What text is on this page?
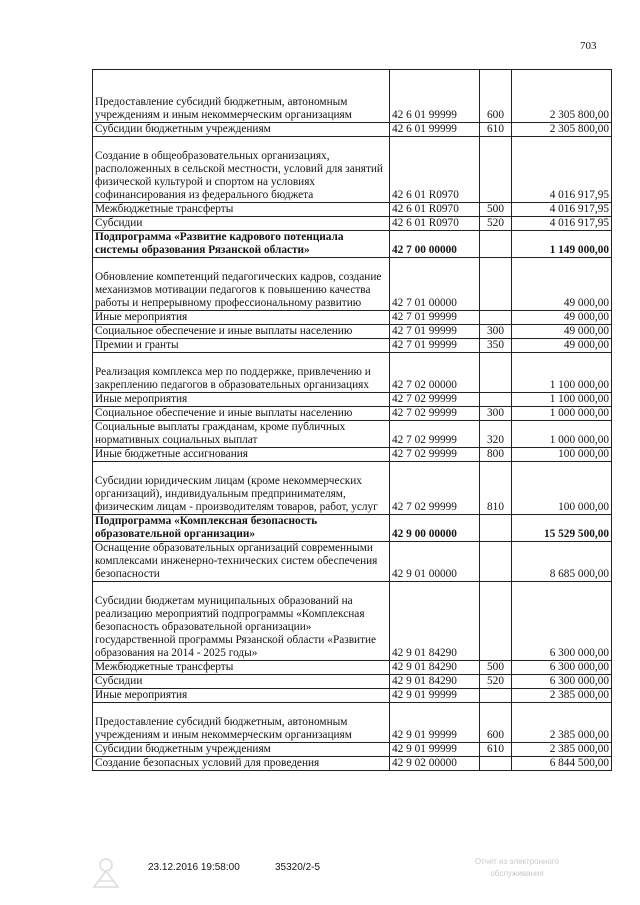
703
Предоставление субсидий бюджетным, автономным учреждениям и иным некоммерческим организациям	42 6 01 99999	600	2 305 800,00
Субсидии бюджетным учреждениям	42 6 01 99999	610	2 305 800,00
Создание в общеобразовательных организациях, расположенных в сельской местности, условий для занятий физической культурой и спортом на условиях софинансирования из федерального бюджета	42 6 01 R0970		4 016 917,95
Межбюджетные трансферты	42 6 01 R0970	500	4 016 917,95
Субсидии	42 6 01 R0970	520	4 016 917,95
Подпрограмма «Развитие кадрового потенциала системы образования Рязанской области»	42 7 00 00000		1 149 000,00
Обновление компетенций педагогических кадров, создание механизмов мотивации педагогов к повышению качества работы и непрерывному профессиональному развитию	42 7 01 00000		49 000,00
Иные мероприятия	42 7 01 99999		49 000,00
Социальное обеспечение и иные выплаты населению	42 7 01 99999	300	49 000,00
Премии и гранты	42 7 01 99999	350	49 000,00
Реализация комплекса мер по поддержке, привлечению и закреплению педагогов в образовательных организациях	42 7 02 00000		1 100 000,00
Иные мероприятия	42 7 02 99999		1 100 000,00
Социальное обеспечение и иные выплаты населению	42 7 02 99999	300	1 000 000,00
Социальные выплаты гражданам, кроме публичных нормативных социальных выплат	42 7 02 99999	320	1 000 000,00
Иные бюджетные ассигнования	42 7 02 99999	800	100 000,00
Субсидии юридическим лицам (кроме некоммерческих организаций), индивидуальным предпринимателям, физическим лицам - производителям товаров, работ, услуг	42 7 02 99999	810	100 000,00
Подпрограмма «Комплексная безопасность образовательной организации»	42 9 00 00000		15 529 500,00
Оснащение образовательных организаций современными комплексами инженерно-технических систем обеспечения безопасности	42 9 01 00000		8 685 000,00
Субсидии бюджетам муниципальных образований на реализацию мероприятий подпрограммы «Комплексная безопасность образовательной организации» государственной программы Рязанской области «Развитие образования на 2014 - 2025 годы»	42 9 01 84290		6 300 000,00
Межбюджетные трансферты	42 9 01 84290	500	6 300 000,00
Субсидии	42 9 01 84290	520	6 300 000,00
Иные мероприятия	42 9 01 99999		2 385 000,00
Предоставление субсидий бюджетным, автономным учреждениям и иным некоммерческим организациям	42 9 01 99999	600	2 385 000,00
Субсидии бюджетным учреждениям	42 9 01 99999	610	2 385 000,00
Создание безопасных условий для проведения	42 9 02 00000		6 844 500,00
23.12.2016 19:58:00	35320/2-5
Отчет из электронного
обслуживания
